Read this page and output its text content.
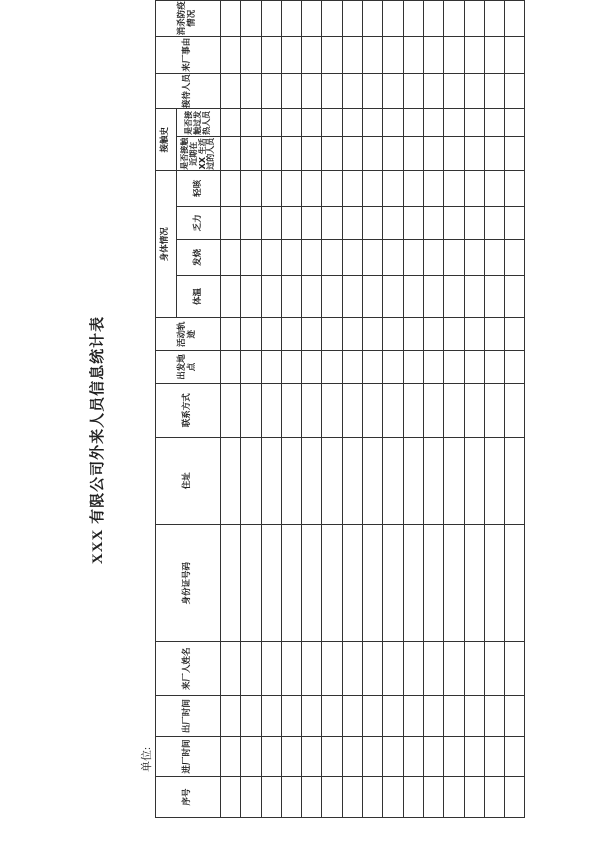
XXX 有限公司外来人员信息统计表
单位:
序号	进厂时间	出厂时间	来厂人姓名	身份证号码	住址	联系方式	出发地点	活动轨迹	身体情况				接触史		接待人员	来厂事由	消杀防疫情况
									体温	发烧	乏力	轻咳	是否接触近期在 XX 生活过的人员	是否接触过发热人员			
